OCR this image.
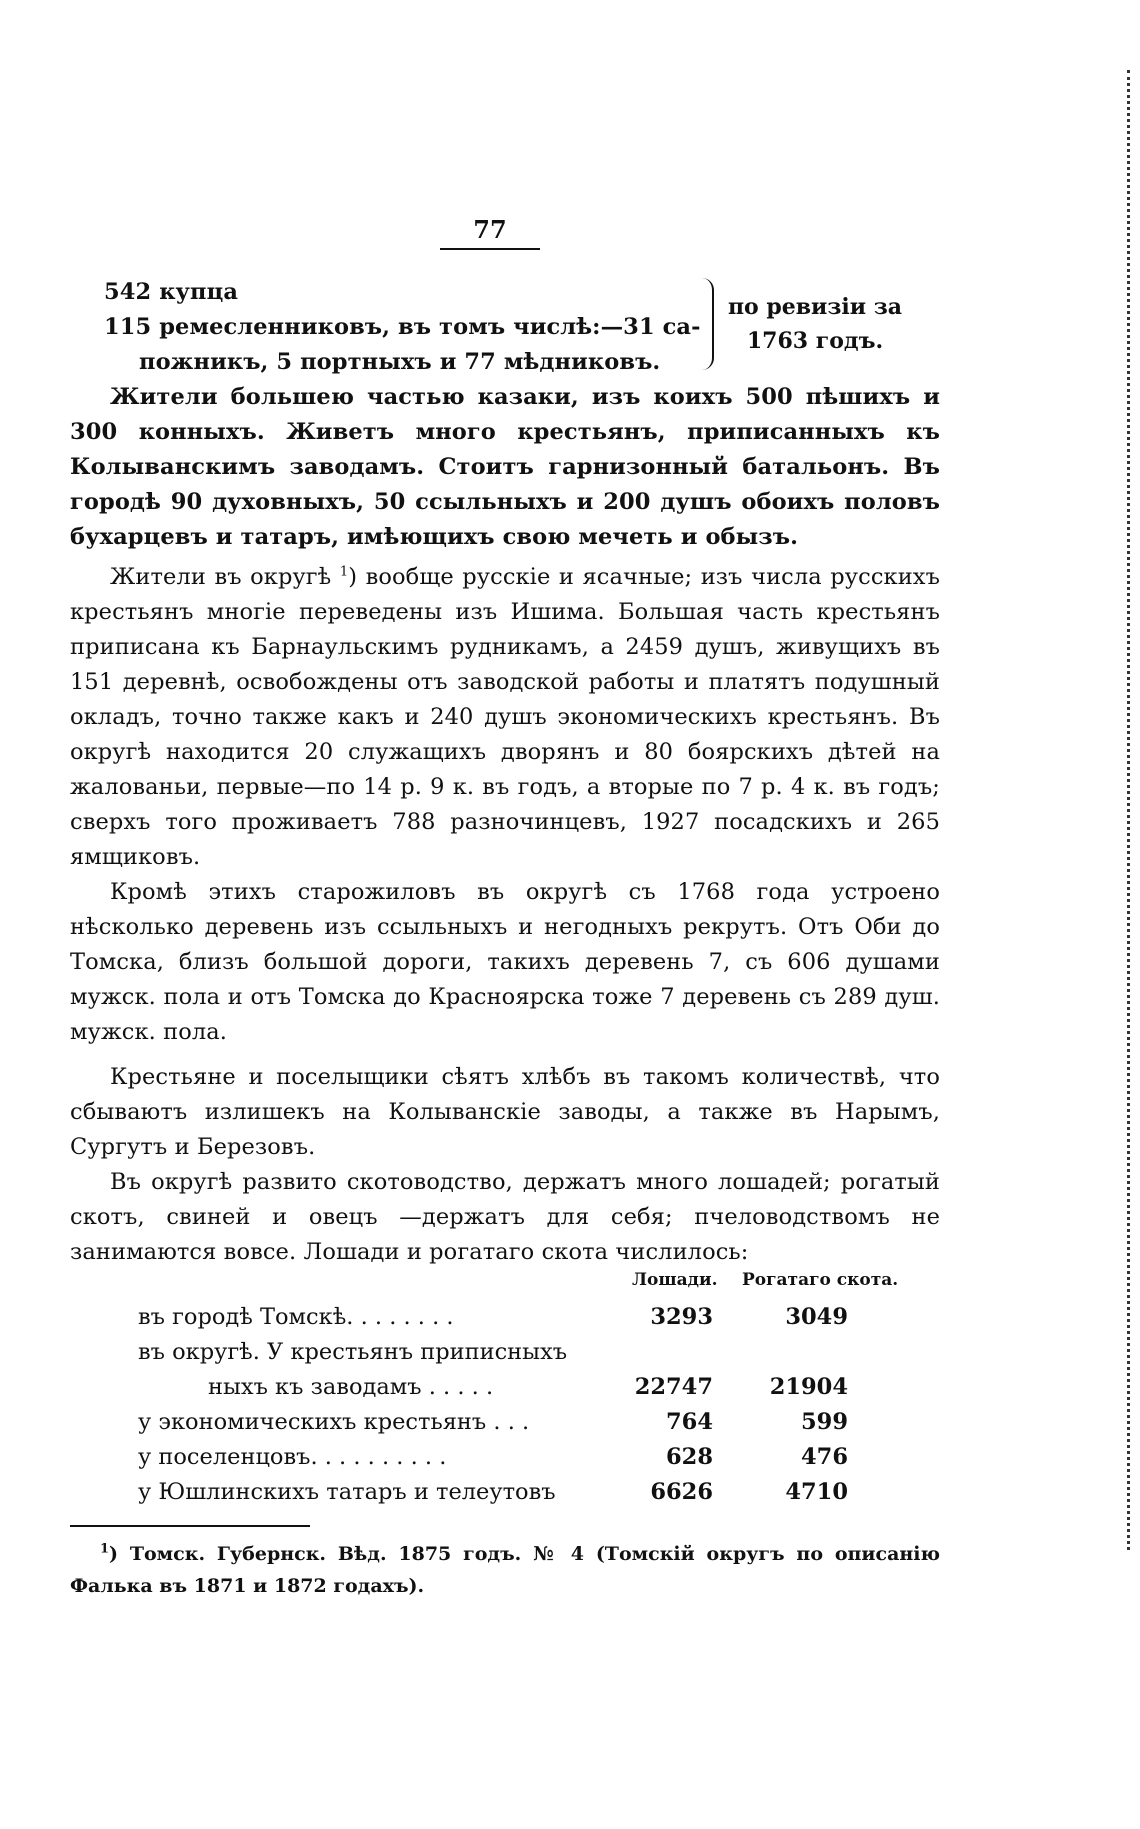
77
542 купца
115 ремесленниковъ, въ томъ числѣ:—31 са-
пожникъ, 5 портныхъ и 77 мѣдниковъ.
по ревизіи за
1763 годъ.

Жители большею частью казаки, изъ коихъ 500 пѣшихъ и 300 конныхъ. Живетъ много крестьянъ, приписанныхъ къ Колыванскимъ заводамъ. Стоитъ гарнизонный батальонъ. Въ городѣ 90 духовныхъ, 50 ссыльныхъ и 200 душъ обоихъ половъ бухарцевъ и татаръ, имѣющихъ свою мечеть и обызъ.

Жители въ округѣ $^1$) вообще русскіе и ясачные; изъ числа русскихъ крестьянъ многіе переведены изъ Ишима. Большая часть крестьянъ приписана къ Барнаульскимъ рудникамъ, а 2459 душъ, живущихъ въ 151 деревнѣ, освобождены отъ заводской работы и платятъ подушный окладъ, точно также какъ и 240 душъ экономическихъ крестьянъ. Въ округѣ находится 20 служащихъ дворянъ и 80 боярскихъ дѣтей на жалованьи, первые—по 14 р. 9 к. въ годъ, а вторые по 7 р. 4 к. въ годъ; сверхъ того проживаетъ 788 разночинцевъ, 1927 посадскихъ и 265 ямщиковъ.

Кромѣ этихъ старожиловъ въ округѣ съ 1768 года устроено нѣсколько деревень изъ ссыльныхъ и негодныхъ рекрутъ. Отъ Оби до Томска, близъ большой дороги, такихъ деревень 7, съ 606 душами мужск. пола и отъ Томска до Красноярска тоже 7 деревень съ 289 душ. мужск. пола.

Крестьяне и поселыщики сѣятъ хлѣбъ въ такомъ количествѣ, что сбываютъ излишекъ на Колыванскіе заводы, а также въ Нарымъ, Сургутъ и Березовъ.

Въ округѣ развито скотоводство, держатъ много лошадей; рогатый скотъ, свиней и овецъ —держатъ для себя; пчеловодствомъ не занимаются вовсе. Лошади и рогатаго скота числилось:

Лошади. Рогатаго скота.
въ городѣ Томскѣ. . . . . . . .	3293	3049
въ округѣ. У крестьянъ приписныхъ
ныхъ къ заводамъ . . . . .	22747	21904
у экономическихъ крестьянъ . . .	764	599
у поселенцовъ. . . . . . . . . .	628	476
у Юшлинскихъ татаръ и телеутовъ	6626	4710
$^1$) Томск. Губернск. Вѣд. 1875 годъ. № 4 (Томскій округъ по описанію Фалька въ 1871 и 1872 годахъ).
